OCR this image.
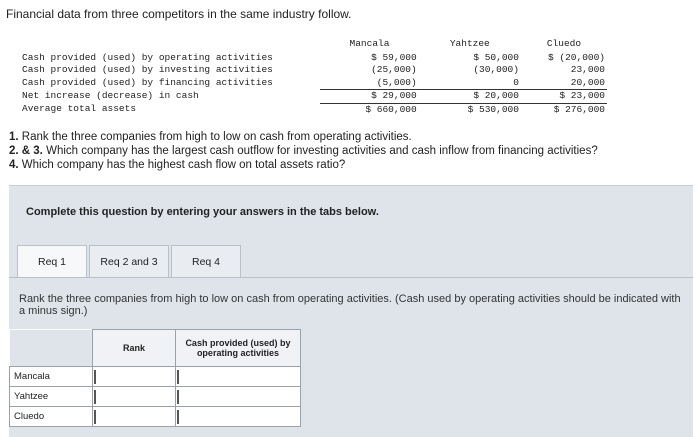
Financial data from three competitors in the same industry follow.
	Mancala	Yahtzee	Cluedo
Cash provided (used) by operating activities	$ 59,000	$ 50,000	$ (20,000)
Cash provided (used) by investing activities	(25,000)	(30,000)	23,000
Cash provided (used) by financing activities	(5,000)	0	20,000
Net increase (decrease) in cash	$ 29,000	$ 20,000	$ 23,000
Average total assets	$ 660,000	$ 530,000	$ 276,000
1. Rank the three companies from high to low on cash from operating activities.
2. & 3. Which company has the largest cash outflow for investing activities and cash inflow from financing activities?
4. Which company has the highest cash flow on total assets ratio?
Complete this question by entering your answers in the tabs below.
Req 1	Req 2 and 3	Req 4
Rank the three companies from high to low on cash from operating activities. (Cash used by operating activities should be indicated with a minus sign.)
	Rank	Cash provided (used) by operating activities
Mancala	

Yahtzee	

Cluedo	
